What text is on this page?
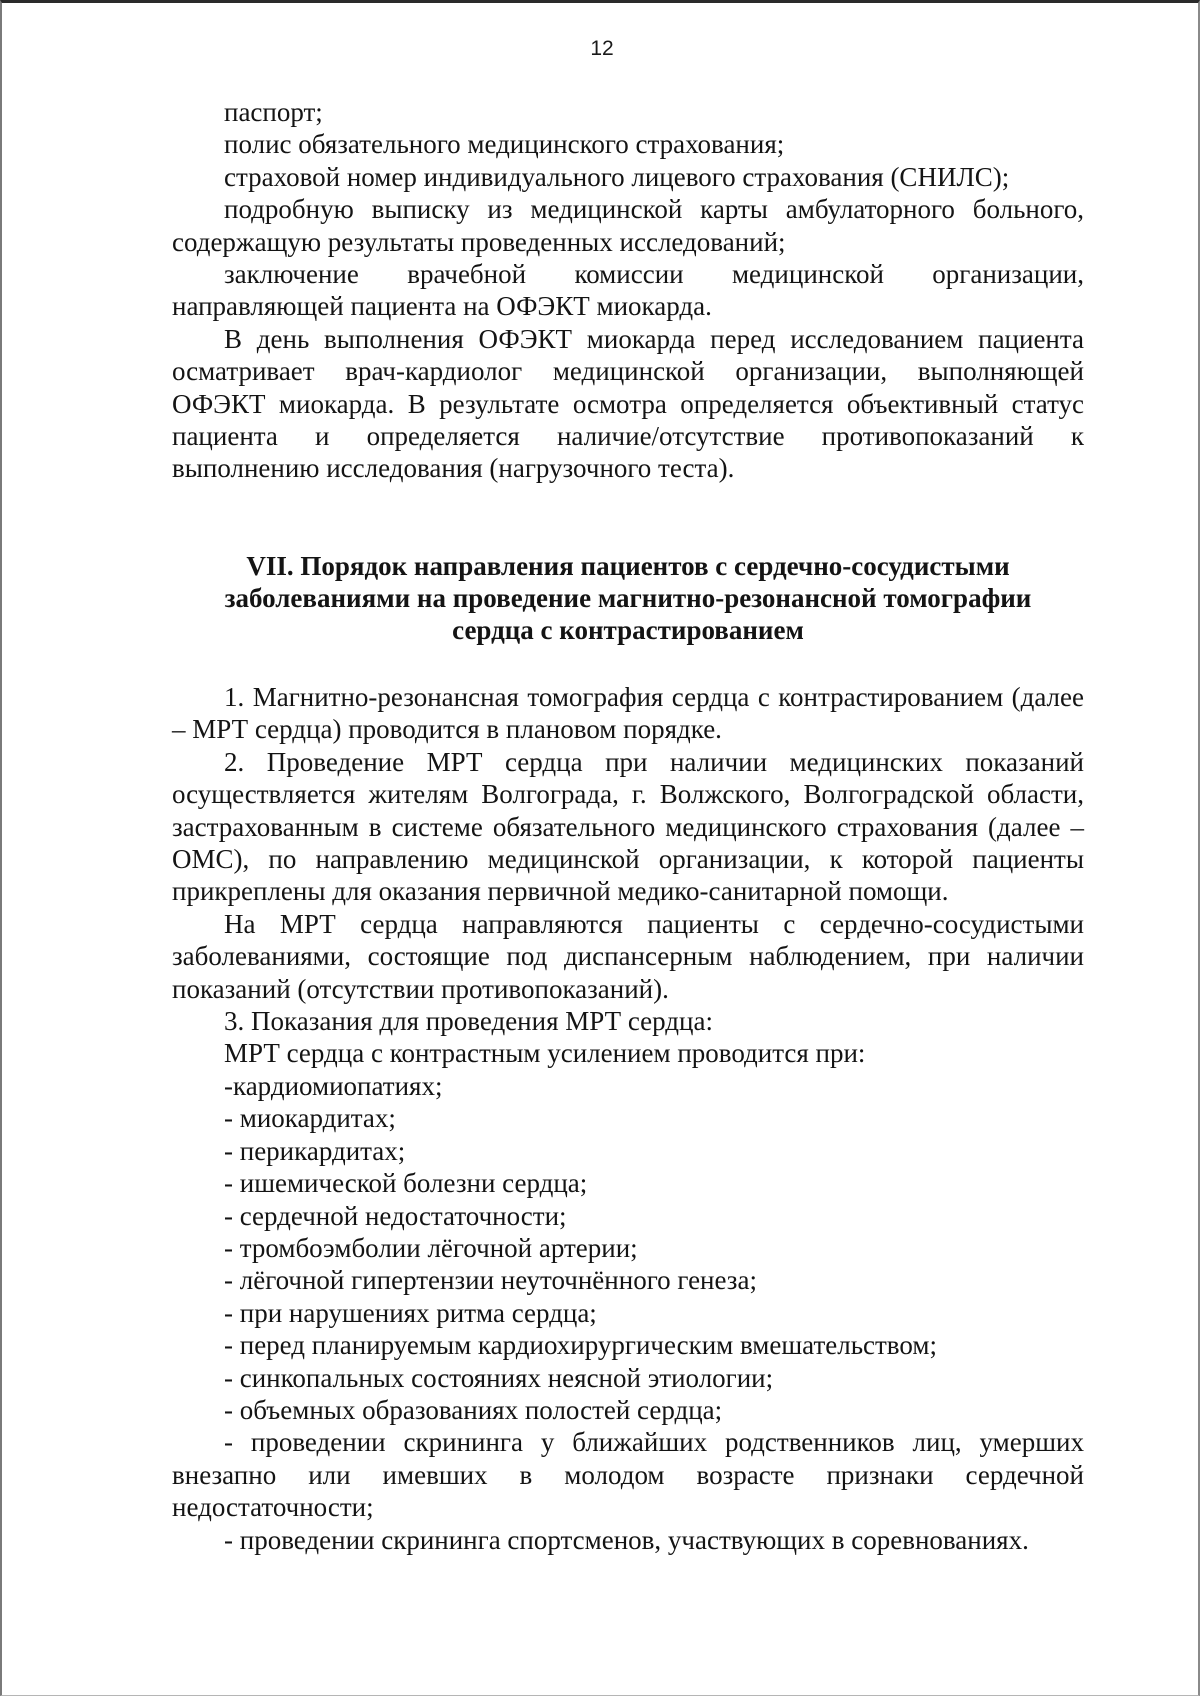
12

паспорт;

полис обязательного медицинского страхования;

страховой номер индивидуального лицевого страхования (СНИЛС);

подробную выписку из медицинской карты амбулаторного больного, содержащую результаты проведенных исследований;

заключение врачебной комиссии медицинской организации, направляющей пациента на ОФЭКТ миокарда.

В день выполнения ОФЭКТ миокарда перед исследованием пациента осматривает врач-кардиолог медицинской организации, выполняющей ОФЭКТ миокарда. В результате осмотра определяется объективный статус пациента и определяется наличие/отсутствие противопоказаний к выполнению исследования (нагрузочного теста).

VII. Порядок направления пациентов с сердечно-сосудистыми
заболеваниями на проведение магнитно-резонансной томографии
сердца с контрастированием

1. Магнитно-резонансная томография сердца с контрастированием (далее – МРТ сердца) проводится в плановом порядке.

2. Проведение МРТ сердца при наличии медицинских показаний осуществляется жителям Волгограда, г. Волжского, Волгоградской области, застрахованным в системе обязательного медицинского страхования (далее – ОМС), по направлению медицинской организации, к которой пациенты прикреплены для оказания первичной медико-санитарной помощи.

На МРТ сердца направляются пациенты с сердечно-сосудистыми заболеваниями, состоящие под диспансерным наблюдением, при наличии показаний (отсутствии противопоказаний).

3. Показания для проведения МРТ сердца:

МРТ сердца с контрастным усилением проводится при:

-кардиомиопатиях;

- миокардитах;

- перикардитах;

- ишемической болезни сердца;

- сердечной недостаточности;

- тромбоэмболии лёгочной артерии;

- лёгочной гипертензии неуточнённого генеза;

- при нарушениях ритма сердца;

- перед планируемым кардиохирургическим вмешательством;

- синкопальных состояниях неясной этиологии;

- объемных образованиях полостей сердца;

- проведении скрининга у ближайших родственников лиц, умерших внезапно или имевших в молодом возрасте признаки сердечной недостаточности;

- проведении скрининга спортсменов, участвующих в соревнованиях.
